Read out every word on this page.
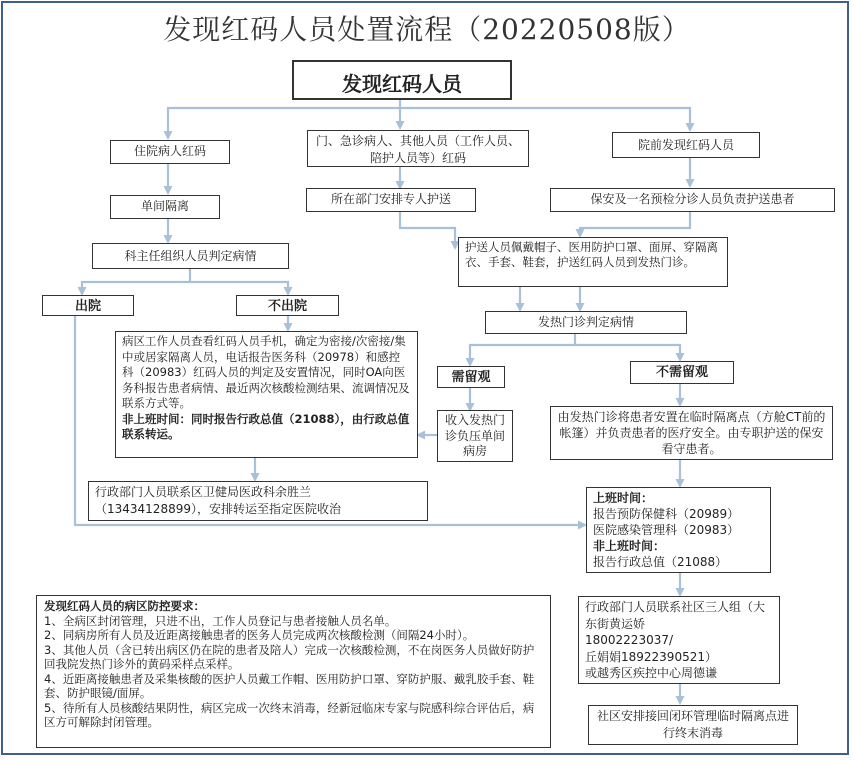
发现红码人员处置流程（20220508版）
发现红码人员
住院病人红码
门、急诊病人、其他人员（工作人员、陪护人员等）红码
院前发现红码人员
单间隔离	所在部门安排专人护送	保安及一名预检分诊人员负责护送患者
科主任组织人员判定病情
护送人员佩戴帽子、医用防护口罩、面屏、穿隔离衣、手套、鞋套，护送红码人员到发热门诊。
出院	不出院
发热门诊判定病情
病区工作人员查看红码人员手机，确定为密接/次密接/集中或居家隔离人员，电话报告医务科（20978）和感控科（20983）红码人员的判定及安置情况，同时OA向医务科报告患者病情、最近两次核酸检测结果、流调情况及联系方式等。
非上班时间：同时报告行政总值（21088），由行政总值联系转运。
需留观	不需留观
收入发热门诊负压单间病房
由发热门诊将患者安置在临时隔离点（方舱CT前的帐篷）并负责患者的医疗安全。由专职护送的保安看守患者。
行政部门人员联系区卫健局医政科余胜兰（13434128899），安排转运至指定医院收治
上班时间：
报告预防保健科（20989）
医院感染管理科（20983）
非上班时间：
报告行政总值（21088）
行政部门人员联系社区三人组（大东街黄运娇
18002223037/
丘娟娟18922390521）
或越秀区疾控中心周德谦
社区安排接回闭环管理临时隔离点进行终末消毒
发现红码人员的病区防控要求：
1、全病区封闭管理，只进不出，工作人员登记与患者接触人员名单。
2、同病房所有人员及近距离接触患者的医务人员完成两次核酸检测（间隔24小时）。
3、其他人员（含已转出病区仍在院的患者及陪人）完成一次核酸检测，不在岗医务人员做好防护回我院发热门诊外的黄码采样点采样。
4、近距离接触患者及采集核酸的医护人员戴工作帽、医用防护口罩、穿防护服、戴乳胶手套、鞋套、防护眼镜/面屏。
5、待所有人员核酸结果阴性，病区完成一次终末消毒，经新冠临床专家与院感科综合评估后，病区方可解除封闭管理。
